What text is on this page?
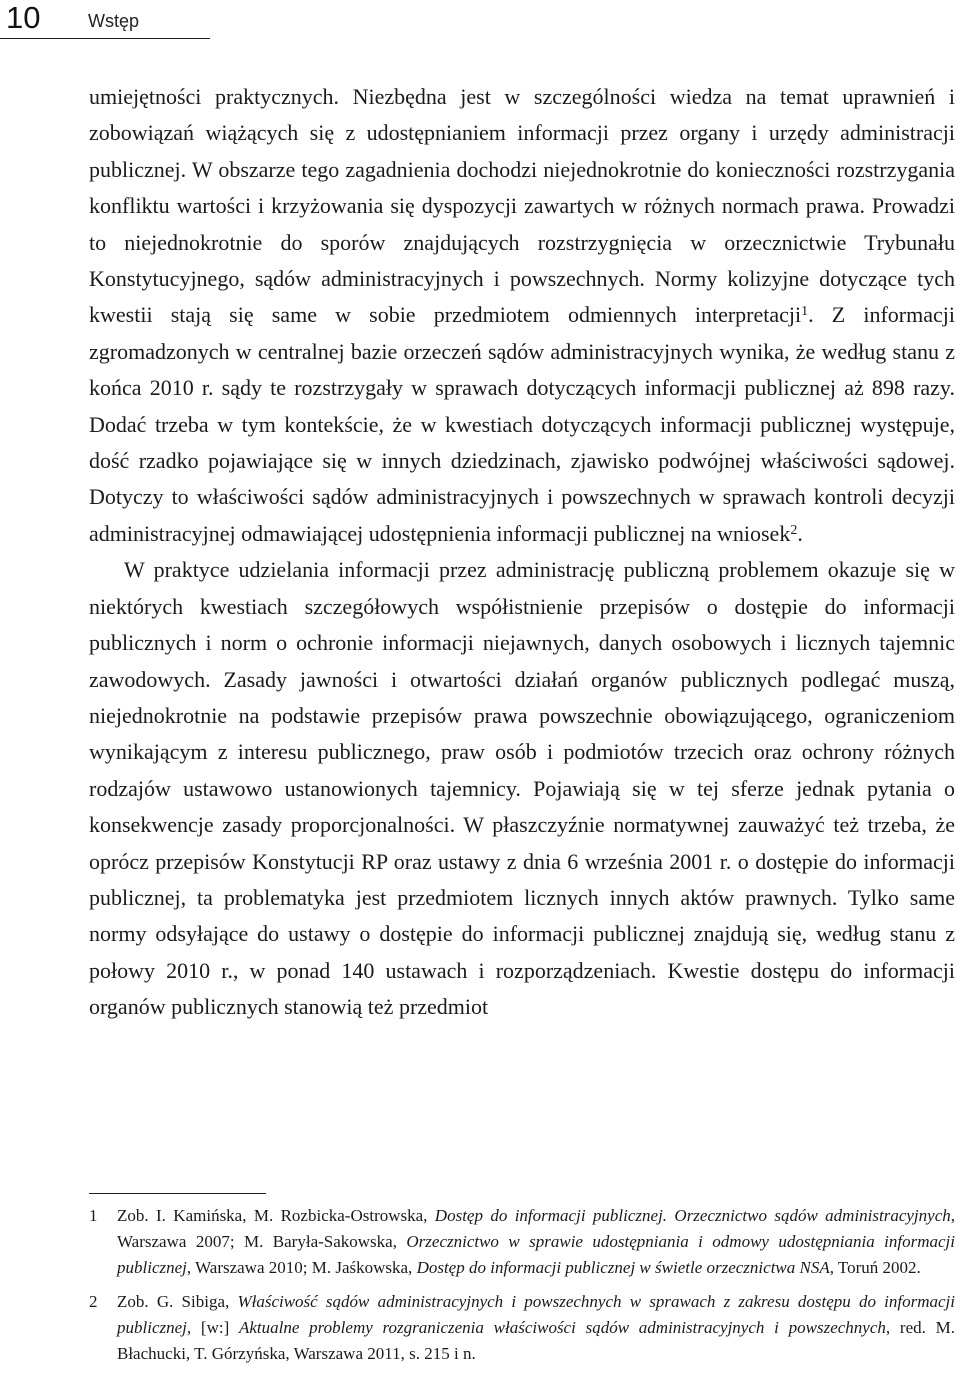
10	Wstęp

umiejętności praktycznych. Niezbędna jest w szczególności wiedza na temat uprawnień i zobowiązań wiążących się z udostępnianiem informacji przez organy i urzędy administracji publicznej. W obszarze tego zagadnienia dochodzi niejednokrotnie do konieczności rozstrzygania konfliktu wartości i krzyżowania się dyspozycji zawartych w różnych normach prawa. Prowadzi to niejednokrotnie do sporów znajdujących rozstrzygnięcia w orzecznictwie Trybunału Konstytucyjnego, sądów administracyjnych i powszechnych. Normy kolizyjne dotyczące tych kwestii stają się same w sobie przedmiotem odmiennych interpretacji$^1$. Z informacji zgromadzonych w centralnej bazie orzeczeń sądów administracyjnych wynika, że według stanu z końca 2010 r. sądy te rozstrzygały w sprawach dotyczących informacji publicznej aż 898 razy. Dodać trzeba w tym kontekście, że w kwestiach dotyczących informacji publicznej występuje, dość rzadko pojawiające się w innych dziedzinach, zjawisko podwójnej właściwości sądowej. Dotyczy to właściwości sądów administracyjnych i powszechnych w sprawach kontroli decyzji administracyjnej odmawiającej udostępnienia informacji publicznej na wniosek$^2$.

W praktyce udzielania informacji przez administrację publiczną problemem okazuje się w niektórych kwestiach szczegółowych współistnienie przepisów o dostępie do informacji publicznych i norm o ochronie informacji niejawnych, danych osobowych i licznych tajemnic zawodowych. Zasady jawności i otwartości działań organów publicznych podlegać muszą, niejednokrotnie na podstawie przepisów prawa powszechnie obowiązującego, ograniczeniom wynikającym z interesu publicznego, praw osób i podmiotów trzecich oraz ochrony różnych rodzajów ustawowo ustanowionych tajemnicy. Pojawiają się w tej sferze jednak pytania o konsekwencje zasady proporcjonalności. W płaszczyźnie normatywnej zauważyć też trzeba, że oprócz przepisów Konstytucji RP oraz ustawy z dnia 6 września 2001 r. o dostępie do informacji publicznej, ta problematyka jest przedmiotem licznych innych aktów prawnych. Tylko same normy odsyłające do ustawy o dostępie do informacji publicznej znajdują się, według stanu z połowy 2010 r., w ponad 140 ustawach i rozporządzeniach. Kwestie dostępu do informacji organów publicznych stanowią też przedmiot

1 Zob. I. Kamińska, M. Rozbicka-Ostrowska, Dostęp do informacji publicznej. Orzecznictwo sądów administracyjnych, Warszawa 2007; M. Baryła-Sakowska, Orzecznictwo w sprawie udostępniania i odmowy udostępniania informacji publicznej, Warszawa 2010; M. Jaśkowska, Dostęp do informacji publicznej w świetle orzecznictwa NSA, Toruń 2002.
2 Zob. G. Sibiga, Właściwość sądów administracyjnych i powszechnych w sprawach z zakresu dostępu do informacji publicznej, [w:] Aktualne problemy rozgraniczenia właściwości sądów administracyjnych i powszechnych, red. M. Błachucki, T. Górzyńska, Warszawa 2011, s. 215 i n.
